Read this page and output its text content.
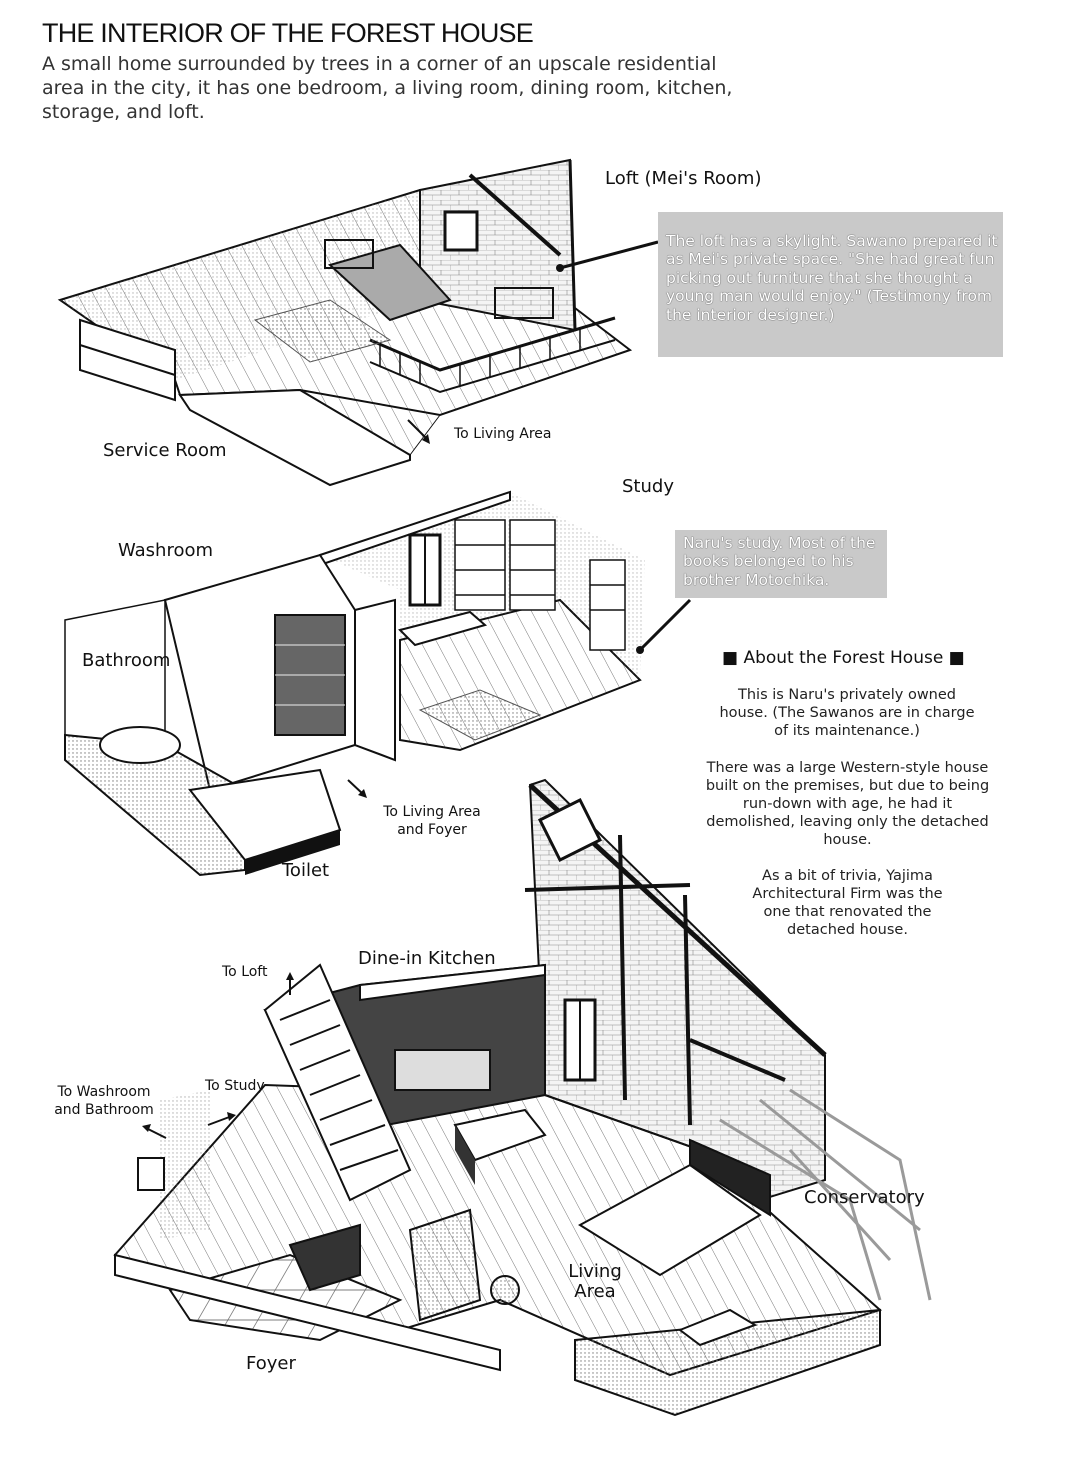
THE INTERIOR OF THE FOREST HOUSE
A small home surrounded by trees in a corner of an upscale residential area in the city, it has one bedroom, a living room, dining room, kitchen, storage, and loft.
Loft (Mei's Room)
The loft has a skylight. Sawano prepared it as Mei's private space. "She had great fun picking out furniture that she thought a young man would enjoy." (Testimony from the interior designer.)
Service Room
To Living Area
Study
Washroom
Bathroom
Toilet
Naru's study. Most of the books belonged to his brother Motochika.
To Living Area and Foyer
■ About the Forest House ■
This is Naru's privately owned house. (The Sawanos are in charge of its maintenance.)
There was a large Western-style house built on the premises, but due to being run-down with age, he had it demolished, leaving only the detached house.
As a bit of trivia, Yajima Architectural Firm was the one that renovated the detached house.
Dine-in Kitchen
To Loft
To Study
To Washroom and Bathroom
Conservatory
Living Area
Foyer
